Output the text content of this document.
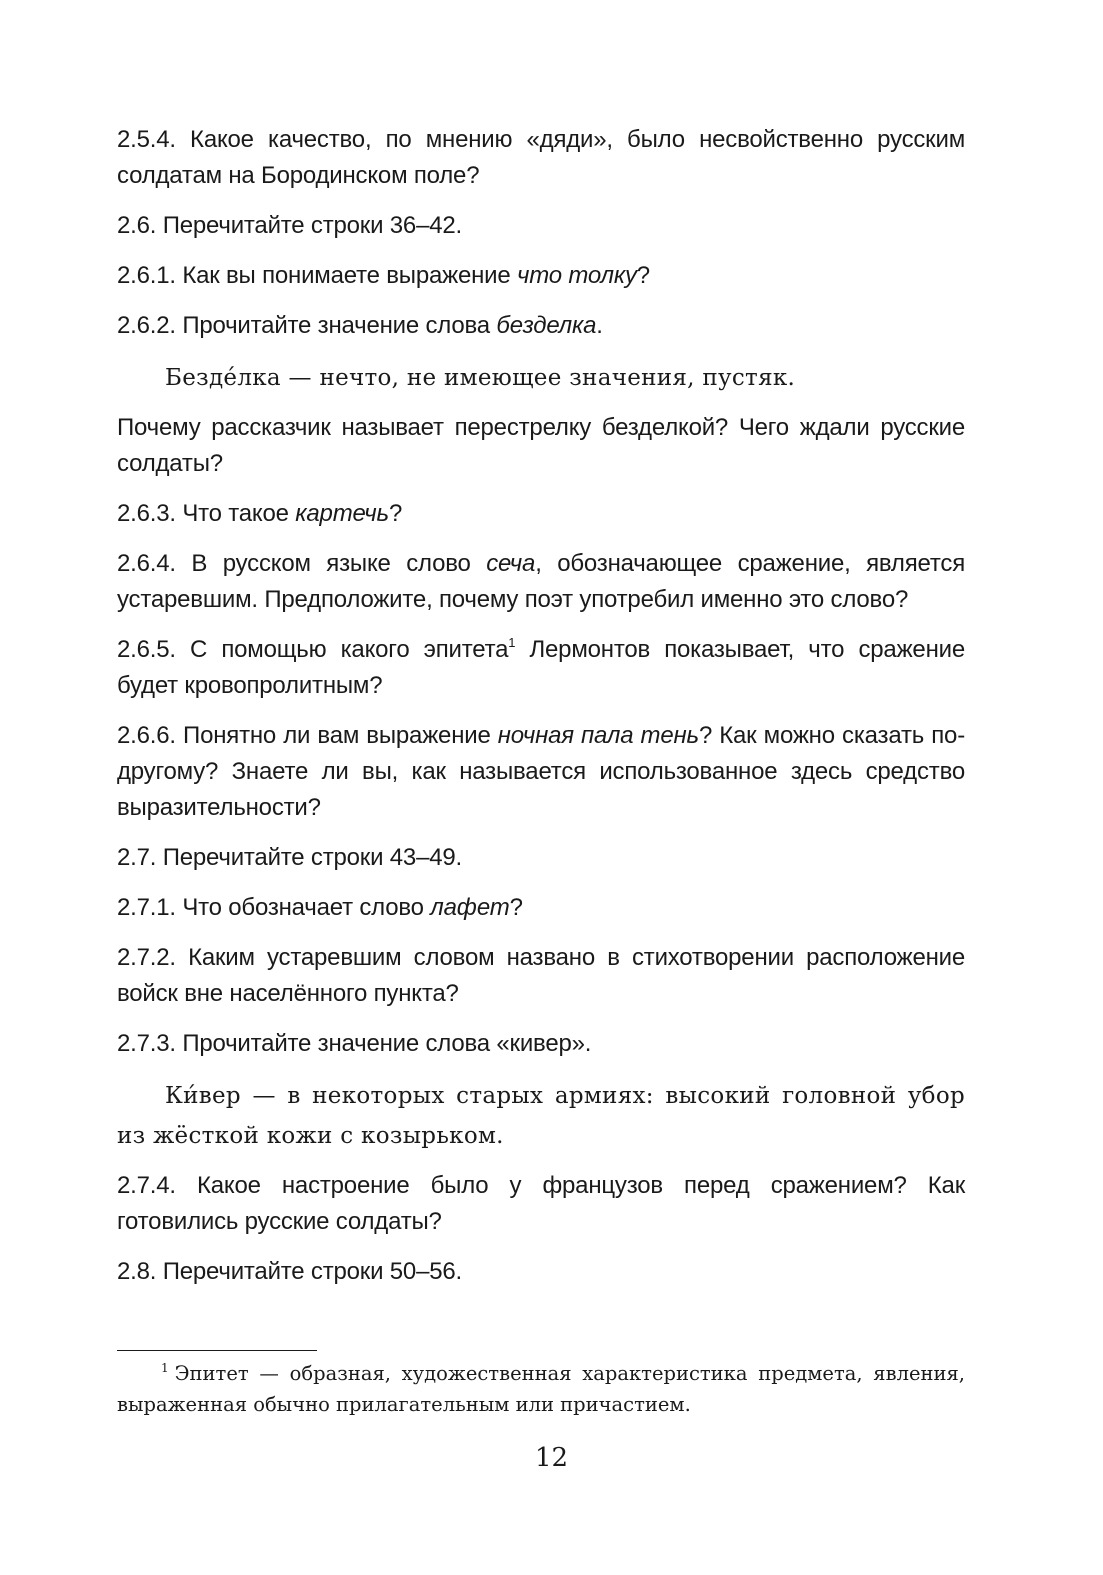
2.5.4. Какое качество, по мнению «дяди», было несвойственно русским солдатам на Бородинском поле?

2.6. Перечитайте строки 36–42.

2.6.1. Как вы понимаете выражение что толку?

2.6.2. Прочитайте значение слова безделка.

Безде́лка — нечто, не имеющее значения, пустяк.

Почему рассказчик называет перестрелку безделкой? Чего ждали русские солдаты?

2.6.3. Что такое картечь?

2.6.4. В русском языке слово сеча, обозначающее сражение, является устаревшим. Предположите, почему поэт употребил именно это слово?

2.6.5. С помощью какого эпитета$^1$ Лермонтов показывает, что сражение будет кровопролитным?

2.6.6. Понятно ли вам выражение ночная пала тень? Как можно сказать по-другому? Знаете ли вы, как называется использованное здесь средство выразительности?

2.7. Перечитайте строки 43–49.

2.7.1. Что обозначает слово лафет?

2.7.2. Каким устаревшим словом названо в стихотворении расположение войск вне населённого пункта?

2.7.3. Прочитайте значение слова «кивер».

Ки́вер — в некоторых старых армиях: высокий головной убор из жёсткой кожи с козырьком.

2.7.4. Какое настроение было у французов перед сражением? Как готовились русские солдаты?

2.8. Перечитайте строки 50–56.

$^1$ Эпитет — образная, художественная характеристика предмета, явления, выраженная обычно прилагательным или причастием.
12
